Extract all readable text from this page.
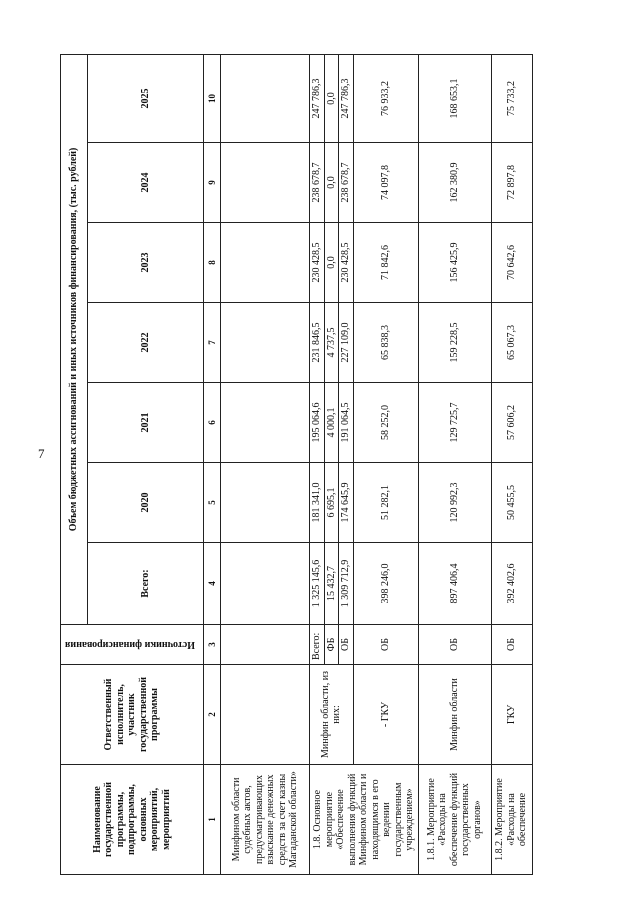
7
Наименование государственной программы, подпрограммы, основных мероприятий, мероприятий	Ответственный исполнитель, участник государственной программы	Источники финансирования	Объем бюджетных ассигнований и иных источников финансирования, (тыс. рублей)						
			Всего:	2020	2021	2022	2023	2024	2025
1	2	3	4	5	6	7	8	9	10
Минфином области судебных актов, предусматривающих взыскание денежных средств за счет казны Магаданской области»									
1.8. Основное мероприятие «Обеспечение выполнения функций Минфином области и находящимся в его ведении государственным учреждением»	Минфин области, из них:	Всего:	1 325 145,6	181 341,0	195 064,6	231 846,5	230 428,5	238 678,7	247 786,3
		ФБ	15 432,7	6 695,1	4 000,1	4 737,5	0,0	0,0	0,0
		ОБ	1 309 712,9	174 645,9	191 064,5	227 109,0	230 428,5	238 678,7	247 786,3
	- ГКУ	ОБ	398 246,0	51 282,1	58 252,0	65 838,3	71 842,6	74 097,8	76 933,2
1.8.1. Мероприятие «Расходы на обеспечение функций государственных органов»	Минфин области	ОБ	897 406,4	120 992,3	129 725,7	159 228,5	156 425,9	162 380,9	168 653,1
1.8.2. Мероприятие «Расходы на обеспечение	ГКУ	ОБ	392 402,6	50 455,5	57 606,2	65 067,3	70 642,6	72 897,8	75 733,2
